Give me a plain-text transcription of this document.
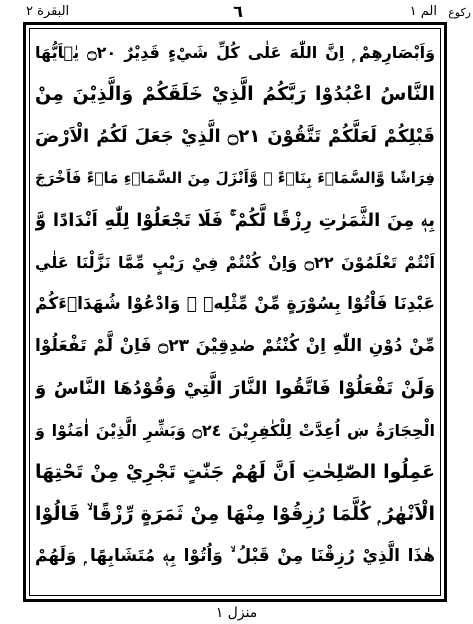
البقرة ٢	٦	الم ١ ركوع
وَاَبْصَارِهِمْ ۭ اِنَّ اللّٰهَ عَلٰى كُلِّ شَيْءٍ قَدِيْرٌ ۝٢٠ يٰۤاَيُّهَا
النَّاسُ اعْبُدُوْا رَبَّكُمُ الَّذِيْ خَلَقَكُمْ وَالَّذِيْنَ مِنْ
قَبْلِكُمْ لَعَلَّكُمْ تَتَّقُوْنَ ۝٢١ الَّذِيْ جَعَلَ لَكُمُ الْاَرْضَ
فِرَاشًا وَّالسَّمَاۗءَ بِنَاۗءً ۠ وَّاَنْزَلَ مِنَ السَّمَاۗءِ مَاۗءً فَاَخْرَجَ
بِهٖ مِنَ الثَّمَرٰتِ رِزْقًا لَّكُمْ ۚ فَلَا تَجْعَلُوْا لِلّٰهِ اَنْدَادًا وَّ
اَنْتُمْ تَعْلَمُوْنَ ۝٢٢ وَاِنْ كُنْتُمْ فِيْ رَيْبٍ مِّمَّا نَزَّلْنَا عَلٰي
عَبْدِنَا فَاْتُوْا بِسُوْرَةٍ مِّنْ مِّثْلِهٖ ۠ وَادْعُوْا شُهَدَاۗءَكُمْ
مِّنْ دُوْنِ اللّٰهِ اِنْ كُنْتُمْ صٰدِقِيْنَ ۝٢٣ فَاِنْ لَّمْ تَفْعَلُوْا
وَلَنْ تَفْعَلُوْا فَاتَّقُوا النَّارَ الَّتِيْ وَقُوْدُھَا النَّاسُ وَ
الْحِجَارَةُ ښ اُعِدَّتْ لِلْكٰفِرِيْنَ ۝٢٤ وَبَشِّرِ الَّذِيْنَ اٰمَنُوْا وَ
عَمِلُوا الصّٰلِحٰتِ اَنَّ لَھُمْ جَنّٰتٍ تَجْرِيْ مِنْ تَحْتِهَا
الْاَنْهٰرُ ۭ كُلَّمَا رُزِقُوْا مِنْهَا مِنْ ثَمَرَةٍ رِّزْقًا ۙ قَالُوْا
ھٰذَا الَّذِيْ رُزِقْنَا مِنْ قَبْلُ ۙ وَاُتُوْا بِهٖ مُتَشَابِهًا ۭ وَلَهُمْ
منزل ١
